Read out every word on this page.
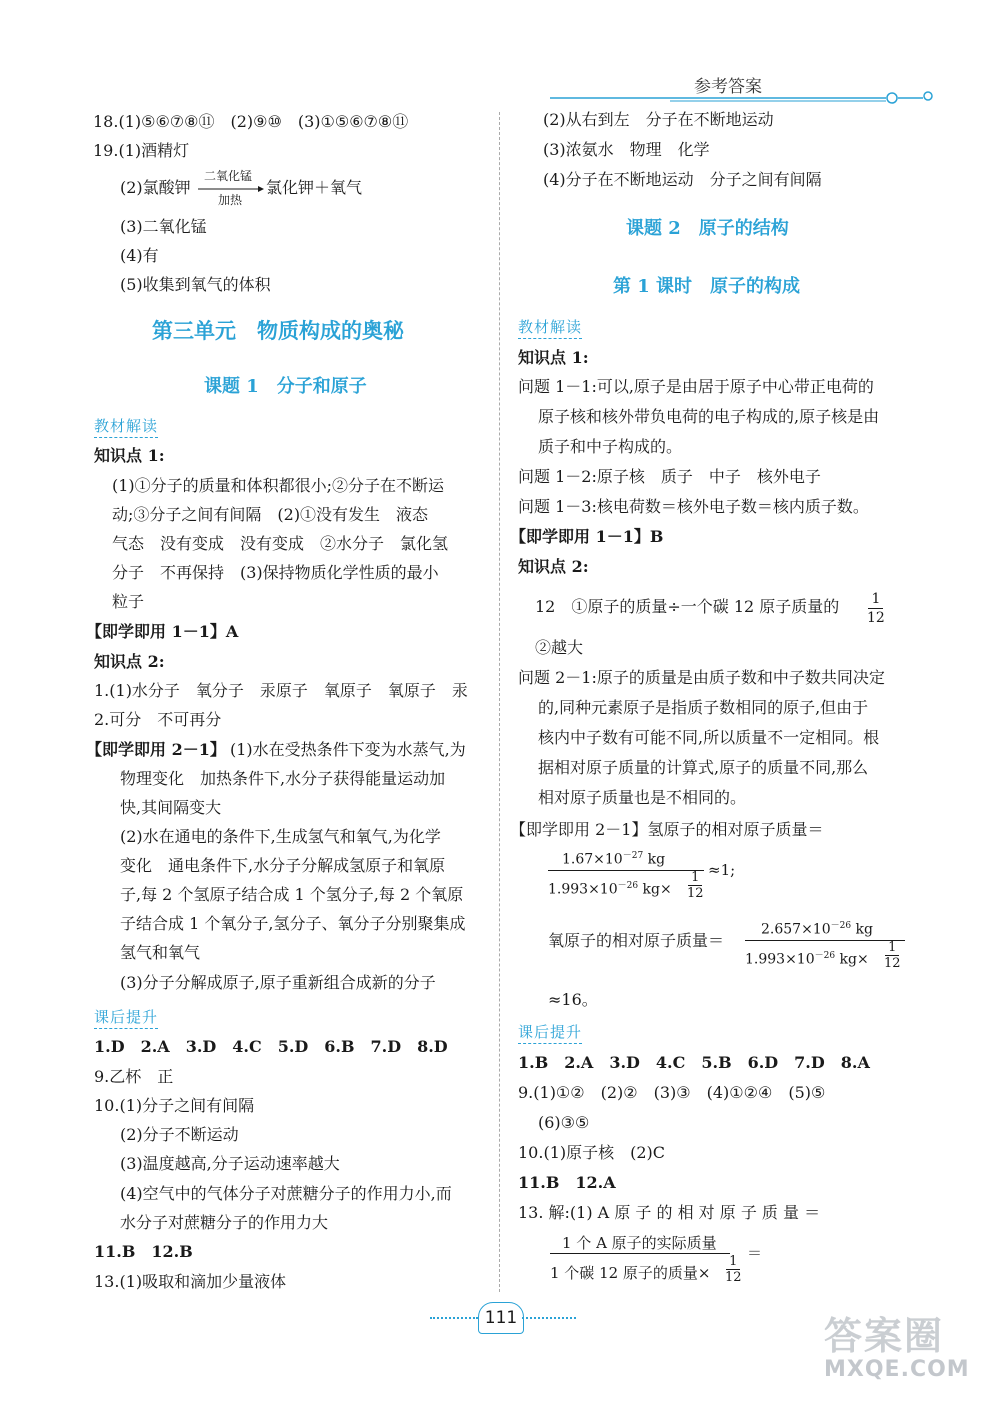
参考答案
18.(1)⑤⑥⑦⑧⑪　(2)⑨⑩　(3)①⑤⑥⑦⑧⑪
19.(1)酒精灯
(2)氯酸钾
二氧化锰
加热
氯化钾＋氧气
(3)二氧化锰
(4)有
(5)收集到氧气的体积
第三单元　物质构成的奥秘
课题 1　分子和原子
教材解读
知识点 1:
(1)①分子的质量和体积都很小;②分子在不断运
动;③分子之间有间隔　(2)①没有发生　液态
气态　没有变成　没有变成　②水分子　氯化氢
分子　不再保持　(3)保持物质化学性质的最小
粒子
【即学即用 1－1】A
知识点 2:
1.(1)水分子　氧分子　汞原子　氧原子　氧原子　汞
2.可分　不可再分
【即学即用 2－1】 (1)水在受热条件下变为水蒸气,为
物理变化　加热条件下,水分子获得能量运动加
快,其间隔变大
(2)水在通电的条件下,生成氢气和氧气,为化学
变化　通电条件下,水分子分解成氢原子和氧原
子,每 2 个氢原子结合成 1 个氢分子,每 2 个氧原
子结合成 1 个氧分子,氢分子、氧分子分别聚集成
氢气和氧气
(3)分子分解成原子,原子重新组合成新的分子
课后提升
1.D　2.A　3.D　4.C　5.D　6.B　7.D　8.D
9.乙杯　正
10.(1)分子之间有间隔
(2)分子不断运动
(3)温度越高,分子运动速率越大
(4)空气中的气体分子对蔗糖分子的作用力小,而
水分子对蔗糖分子的作用力大
11.B　12.B
13.(1)吸取和滴加少量液体
(2)从右到左　分子在不断地运动
(3)浓氨水　物理　化学
(4)分子在不断地运动　分子之间有间隔
课题 2　原子的结构
第 1 课时　原子的构成
教材解读
知识点 1:
问题 1－1:可以,原子是由居于原子中心带正电荷的
原子核和核外带负电荷的电子构成的,原子核是由
质子和中子构成的。
问题 1－2:原子核　质子　中子　核外电子
问题 1－3:核电荷数＝核外电子数＝核内质子数。
【即学即用 1－1】B
知识点 2:
12　①原子的质量÷一个碳 12 原子质量的 $\frac{1}{12}$
②越大
问题 2－1:原子的质量是由质子数和中子数共同决定
的,同种元素原子是指质子数相同的原子,但由于
核内中子数有可能不同,所以质量不一定相同。根
据相对原子质量的计算式,原子的质量不同,那么
相对原子质量也是不相同的。
【即学即用 2－1】氢原子的相对原子质量＝
$1.67\times 10^{-27}$ kg
$1.993\times 10^{-26}$ $kg\times \frac{1}{12} \approx 1$;
氧原子的相对原子质量＝
$2.657\times 10^{-26}$ kg
$1.993\times 10^{-26}$ $kg\times \frac{1}{12}$
≈16。
课后提升
1.B　2.A　3.D　4.C　5.B　6.D　7.D　8.A
9.(1)①②　(2)②　(3)③　(4)①②④　(5)⑤
(6)③⑤
10.(1)原子核　(2)C
11.B　12.A
13. 解:(1) A 原 子 的 相 对 原 子 质 量 ＝
1 个 A 原子的实际质量
1 个碳 12 原子的质量× $\frac{1}{12}$
＝
111	答案圈
MXQE.COM
